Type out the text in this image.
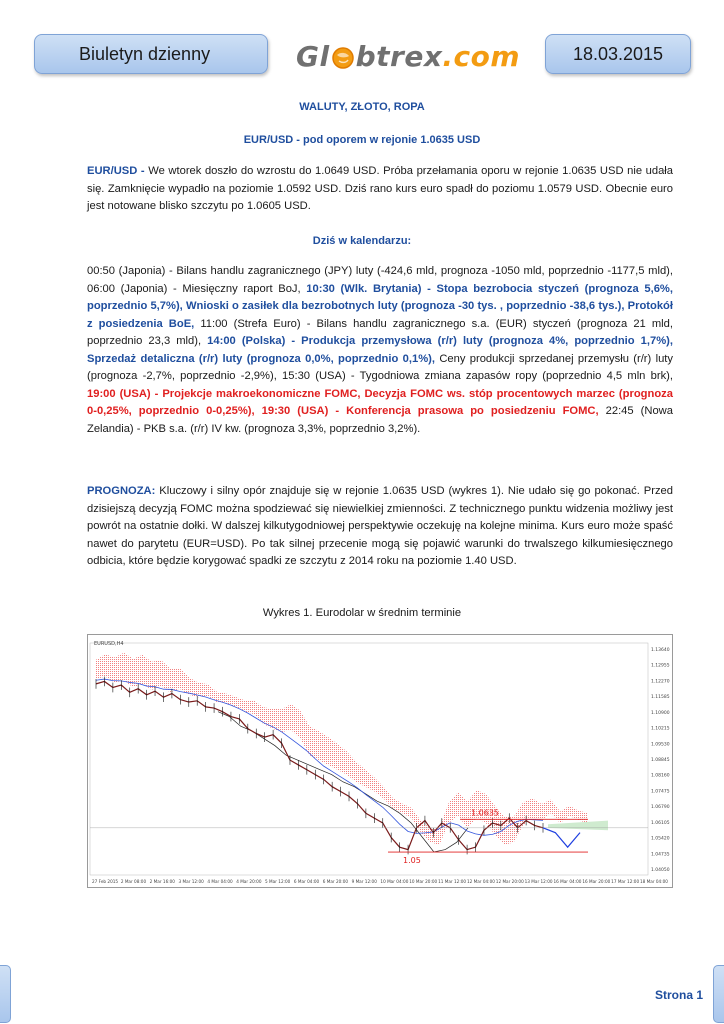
Biuletyn dzienny	Gl btrex .com	18.03.2015
WALUTY, ZŁOTO, ROPA
EUR/USD - pod oporem w rejonie 1.0635 USD

EUR/USD - We wtorek doszło do wzrostu do 1.0649 USD. Próba przełamania oporu w rejonie 1.0635 USD nie udała się. Zamknięcie wypadło na poziomie 1.0592 USD. Dziś rano kurs euro spadł do poziomu 1.0579 USD. Obecnie euro jest notowane blisko szczytu po 1.0605 USD.

Dziś w kalendarzu:

00:50 (Japonia) - Bilans handlu zagranicznego (JPY) luty (-424,6 mld, prognoza -1050 mld, poprzednio -1177,5 mld), 06:00 (Japonia) - Miesięczny raport BoJ, 10:30 (Wlk. Brytania) - Stopa bezrobocia styczeń (prognoza 5,6%, poprzednio 5,7%), Wnioski o zasiłek dla bezrobotnych luty (prognoza -30 tys. , poprzednio -38,6 tys.), Protokół z posiedzenia BoE, 11:00 (Strefa Euro) - Bilans handlu zagranicznego s.a. (EUR) styczeń (prognoza 21 mld, poprzednio 23,3 mld), 14:00 (Polska) - Produkcja przemysłowa (r/r) luty (prognoza 4%, poprzednio 1,7%), Sprzedaż detaliczna (r/r) luty (prognoza 0,0%, poprzednio 0,1%), Ceny produkcji sprzedanej przemysłu (r/r) luty (prognoza -2,7%, poprzednio -2,9%), 15:30 (USA) - Tygodniowa zmiana zapasów ropy (poprzednio 4,5 mln brk), 19:00 (USA) - Projekcje makroekonomiczne FOMC, Decyzja FOMC ws. stóp procentowych marzec (prognoza 0-0,25%, poprzednio 0-0,25%), 19:30 (USA) - Konferencja prasowa po posiedzeniu FOMC, 22:45 (Nowa Zelandia) - PKB s.a. (r/r) IV kw. (prognoza 3,3%, poprzednio 3,2%).

PROGNOZA: Kluczowy i silny opór znajduje się w rejonie 1.0635 USD (wykres 1). Nie udało się go pokonać. Przed dzisiejszą decyzją FOMC można spodziewać się niewielkiej zmienności. Z technicznego punktu widzenia możliwy jest powrót na ostatnie dołki. W dalszej kilkutygodniowej perspektywie oczekuję na kolejne minima. Kurs euro może spaść nawet do parytetu (EUR=USD). Po tak silnej przecenie mogą się pojawić warunki do trwalszego kilkumiesięcznego odbicia, które będzie korygować spadki ze szczytu z 2014 roku na poziomie 1.40 USD.

Wykres 1. Eurodolar w średnim terminie
EURUSD,H4
1.13640
1.12955
1.12270
1.11585
1.10900
1.10215
1.09530
1.08845
1.08160
1.07475
1.06790
1.06105
1.05420
1.04735
1.04050
27 Feb 2015 2 Mar 08:00 2 Mar 16:00 3 Mar 12:00 4 Mar 04:00 4 Mar 20:00 5 Mar 12:00 6 Mar 04:00 6 Mar 20:00 9 Mar 12:00 10 Mar 04:00 10 Mar 20:00 11 Mar 12:00 12 Mar 04:00 12 Mar 20:00 13 Mar 12:00 16 Mar 04:00 16 Mar 20:00 17 Mar 12:00 18 Mar 04:00
1.0635
1.05
Strona 1
